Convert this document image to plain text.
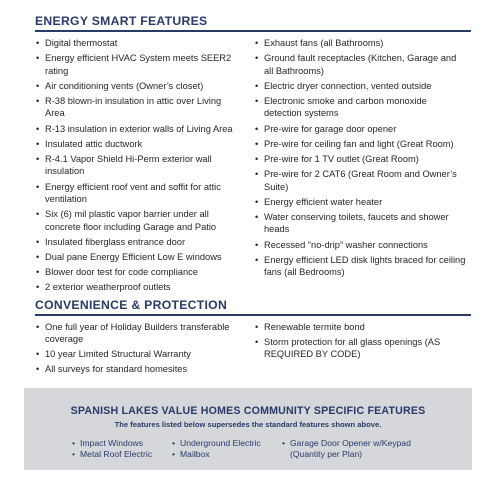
ENERGY SMART FEATURES
• Digital thermostat
• Energy efficient HVAC System meets SEER2 rating
• Air conditioning vents (Owner’s closet)
• R-38 blown-in insulation in attic over Living Area
• R-13 insulation in exterior walls of Living Area
• Insulated attic ductwork
• R-4.1 Vapor Shield Hi-Perm exterior wall insulation
• Energy efficient roof vent and soffit for attic ventilation
• Six (6) mil plastic vapor barrier under all concrete floor including Garage and Patio
• Insulated fiberglass entrance door
• Dual pane Energy Efficient Low E windows
• Blower door test for code compliance
• 2 exterior weatherproof outlets
• Exhaust fans (all Bathrooms)
• Ground fault receptacles (Kitchen, Garage and all Bathrooms)
• Electric dryer connection, vented outside
• Electronic smoke and carbon monoxide detection systems
• Pre-wire for garage door opener
• Pre-wire for ceiling fan and light (Great Room)
• Pre-wire for 1 TV outlet (Great Room)
• Pre-wire for 2 CAT6 (Great Room and Owner’s Suite)
• Energy efficient water heater
• Water conserving toilets, faucets and shower heads
• Recessed “no-drip” washer connections
• Energy efficient LED disk lights braced for ceiling fans (all Bedrooms)
CONVENIENCE & PROTECTION
• One full year of Holiday Builders transferable coverage
• 10 year Limited Structural Warranty
• All surveys for standard homesites
• Renewable termite bond
• Storm protection for all glass openings (AS REQUIRED BY CODE)
SPANISH LAKES VALUE HOMES COMMUNITY SPECIFIC FEATURES
The features listed below supersedes the standard features shown above.
• Impact Windows
• Metal Roof Electric
• Underground Electric
• Mailbox
• Garage Door Opener w/Keypad (Quantity per Plan)
